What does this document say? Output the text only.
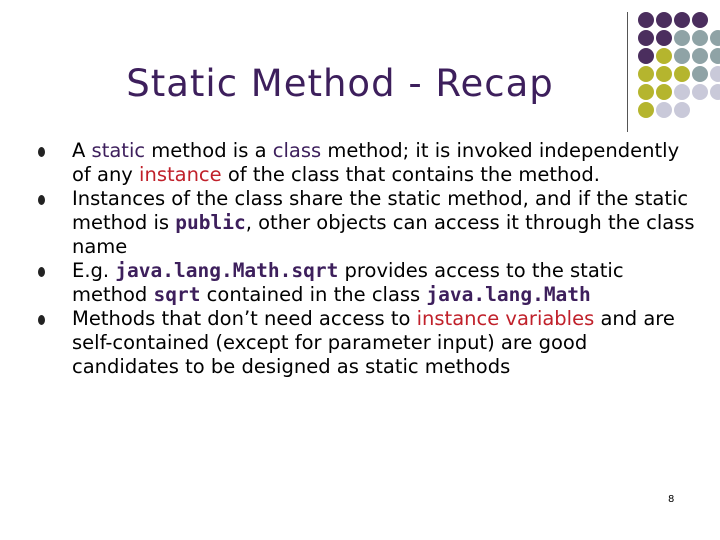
Static Method - Recap
A static method is a class method; it is invoked independently of any instance of the class that contains the method.
Instances of the class share the static method, and if the static method is public, other objects can access it through the class name
E.g. java.lang.Math.sqrt provides access to the static method sqrt contained in the class java.lang.Math
Methods that don’t need access to instance variables and are self-contained (except for parameter input) are good candidates to be designed as static methods
8
